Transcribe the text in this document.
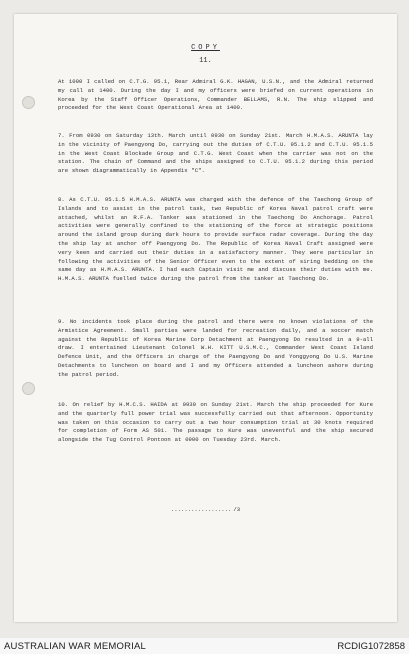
COPY
11.

At 1000 I called on C.T.G. 95.1, Rear Admiral G.K. HAGAN, U.S.N., and the Admiral returned my call at 1400. During the day I and my officers were briefed on current operations in Korea by the Staff Officer Operations, Commander BELLAMS, R.N. The ship slipped and proceeded for the West Coast Operational Area at 1400.

7. From 0930 on Saturday 13th. March until 0930 on Sunday 21st. March H.M.A.S. ARUNTA lay in the vicinity of Paengyong Do, carrying out the duties of C.T.U. 95.1.2 and C.T.U. 95.1.5 in the West Coast Blockade Group and C.T.G. West Coast when the carrier was not on the station. The chain of Command and the ships assigned to C.T.U. 95.1.2 during this period are shown diagrammatically in Appendix "C".

8. As C.T.U. 95.1.5 H.M.A.S. ARUNTA was charged with the defence of the Taechong Group of Islands and to assist in the patrol task, two Republic of Korea Naval patrol craft were attached, whilst an R.F.A. Tanker was stationed in the Taechong Do Anchorage. Patrol activities were generally confined to the stationing of the force at strategic positions around the island group during dark hours to provide surface radar coverage. During the day the ship lay at anchor off Paengyong Do. The Republic of Korea Naval Craft assigned were very keen and carried out their duties in a satisfactory manner. They were particular in following the activities of the Senior Officer even to the extent of siring bedding on the same day as H.M.A.S. ARUNTA. I had each Captain visit me and discuss their duties with me. H.M.A.S. ARUNTA fuelled twice during the patrol from the tanker at Taechong Do.

9. No incidents took place during the patrol and there were no known violations of the Armistice Agreement. Small parties were landed for recreation daily, and a soccer match against the Republic of Korea Marine Corp Detachment at Paengyong Do resulted in a 9-all draw. I entertained Lieutenant Colonel W.H. KITT U.S.M.C., Commander West Coast Island Defence Unit, and the Officers in charge of the Paengyong Do and Yonggyong Do U.S. Marine Detachments to luncheon on board and I and my Officers attended a luncheon ashore during the patrol period.

10. On relief by H.M.C.S. HAIDA at 0930 on Sunday 21st. March the ship proceeded for Kure and the quarterly full power trial was successfully carried out that afternoon. Opportunity was taken on this occasion to carry out a two hour consumption trial at 30 knots required for completion of Form AS 501. The passage to Kure was uneventful and the ship secured alongside the Tug Control Pontoon at 0900 on Tuesday 23rd. March.

.................. /3
AUSTRALIAN WAR MEMORIAL	RCDIG1072858
